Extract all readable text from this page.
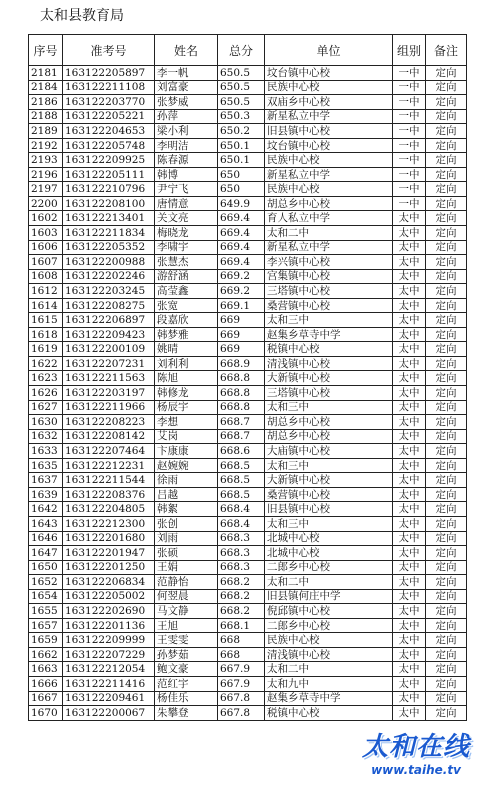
太和县教育局
序号	准考号	姓名	总分	单位	组别	备注
2181	163122205897	李一帆	650.5	坟台镇中心校	一中	定向
2184	163122211108	刘富豪	650.5	民族中心校	一中	定向
2186	163122203770	张梦威	650.5	双庙乡中心校	一中	定向
2188	163122205221	孙萍	650.3	新星私立中学	一中	定向
2189	163122204653	梁小利	650.2	旧县镇中心校	一中	定向
2192	163122205748	李明洁	650.1	坟台镇中心校	一中	定向
2193	163122209925	陈春源	650.1	民族中心校	一中	定向
2196	163122205111	韩博	650	新星私立中学	一中	定向
2197	163122210796	尹宁飞	650	民族中心校	一中	定向
2200	163122208100	唐情意	649.9	胡总乡中心校	一中	定向
1602	163122213401	关文亮	669.4	育人私立中学	太中	定向
1603	163122211834	梅晓龙	669.4	太和二中	太中	定向
1606	163122205352	李啸宇	669.4	新星私立中学	太中	定向
1607	163122200988	张慧杰	669.4	李兴镇中心校	太中	定向
1608	163122202246	游舒涵	669.2	宫集镇中心校	太中	定向
1612	163122203245	高莹鑫	669.2	三塔镇中心校	太中	定向
1614	163122208275	张宽	669.1	桑营镇中心校	太中	定向
1615	163122206897	段嘉欣	669	太和三中	太中	定向
1618	163122209423	韩梦雅	669	赵集乡草寺中学	太中	定向
1619	163122200109	姚晴	669	税镇中心校	太中	定向
1622	163122207231	刘利利	668.9	清浅镇中心校	太中	定向
1623	163122211563	陈旭	668.8	大新镇中心校	太中	定向
1626	163122203197	韩修龙	668.8	三塔镇中心校	太中	定向
1627	163122211966	杨辰宇	668.8	太和三中	太中	定向
1630	163122208223	李想	668.7	胡总乡中心校	太中	定向
1632	163122208142	艾岗	668.7	胡总乡中心校	太中	定向
1633	163122207464	卞康康	668.6	大庙镇中心校	太中	定向
1635	163122212231	赵婉婉	668.5	太和三中	太中	定向
1637	163122211544	徐雨	668.5	大新镇中心校	太中	定向
1639	163122208376	吕越	668.5	桑营镇中心校	太中	定向
1642	163122204805	韩絮	668.4	旧县镇中心校	太中	定向
1643	163122212300	张创	668.4	太和三中	太中	定向
1646	163122201680	刘雨	668.3	北城中心校	太中	定向
1647	163122201947	张硕	668.3	北城中心校	太中	定向
1650	163122201250	王娟	668.3	二郎乡中心校	太中	定向
1652	163122206834	范静怡	668.2	太和二中	太中	定向
1654	163122205002	何翌晨	668.2	旧县镇何庄中学	太中	定向
1655	163122202690	马文静	668.2	倪邱镇中心校	太中	定向
1657	163122201136	王旭	668.1	二郎乡中心校	太中	定向
1659	163122209999	王雯雯	668	民族中心校	太中	定向
1662	163122207229	孙梦茹	668	清浅镇中心校	太中	定向
1663	163122212054	鲍文豪	667.9	太和二中	太中	定向
1666	163122211416	范红宇	667.9	太和九中	太中	定向
1667	163122209461	杨佳乐	667.8	赵集乡草寺中学	太中	定向
1670	163122200067	朱攀登	667.8	税镇中心校	太中	定向
太和在线
www.taihe.tv
